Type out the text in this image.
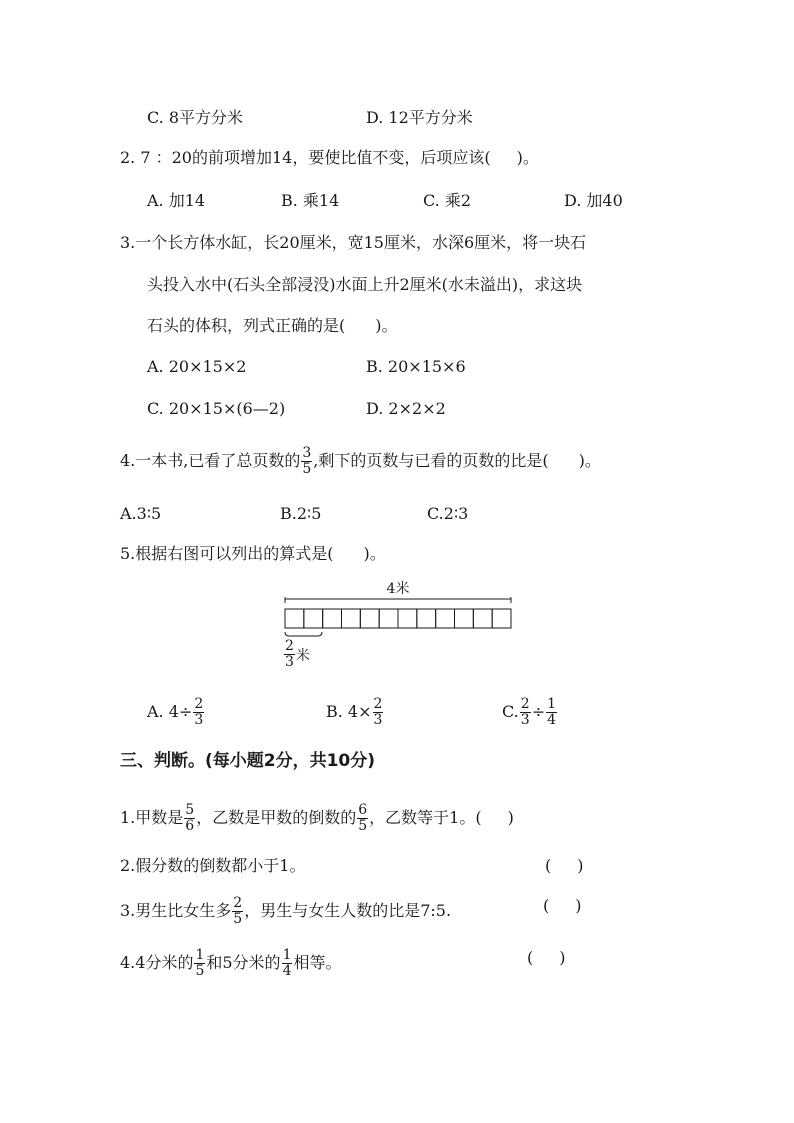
C. 8平方分米	D. 12平方分米
2. 7 ：20的前项增加14，要使比值不变，后项应该( )。
A. 加14	B. 乘14	C. 乘2	D. 加40
3.一个长方体水缸，长20厘米，宽15厘米，水深6厘米，将一块石
头投入水中(石头全部浸没)水面上升2厘米(水未溢出)，求这块
石头的体积，列式正确的是( )。
A. 20×15×2	B. 20×15×6
C. 20×15×(6—2)	D. 2×2×2
4.一本书,已看了总页数的 $\frac{3}{5}$ ,剩下的页数与已看的页数的比是( )。
A.3∶5	B.2∶5	C.2∶3
5.根据右图可以列出的算式是( )。
4米
$\frac{2}{3}$ 米
A. $4\div \frac{2}{3}$	B. $4\times \frac{2}{3}$	C. $\frac{2}{3} \div \frac{1}{4}$
三、判断。(每小题2分，共10分)
1.甲数是 $\frac{5}{6}$ ，乙数是甲数的倒数的 $\frac{6}{5}$ ，乙数等于1。( )
2.假分数的倒数都小于1。	( )
3.男生比女生多 $\frac{2}{5}$ ，男生与女生人数的比是7:5.	( )
4.4分米的 $\frac{1}{5}$ 和5分米的 $\frac{1}{4}$ 相等。	( )
